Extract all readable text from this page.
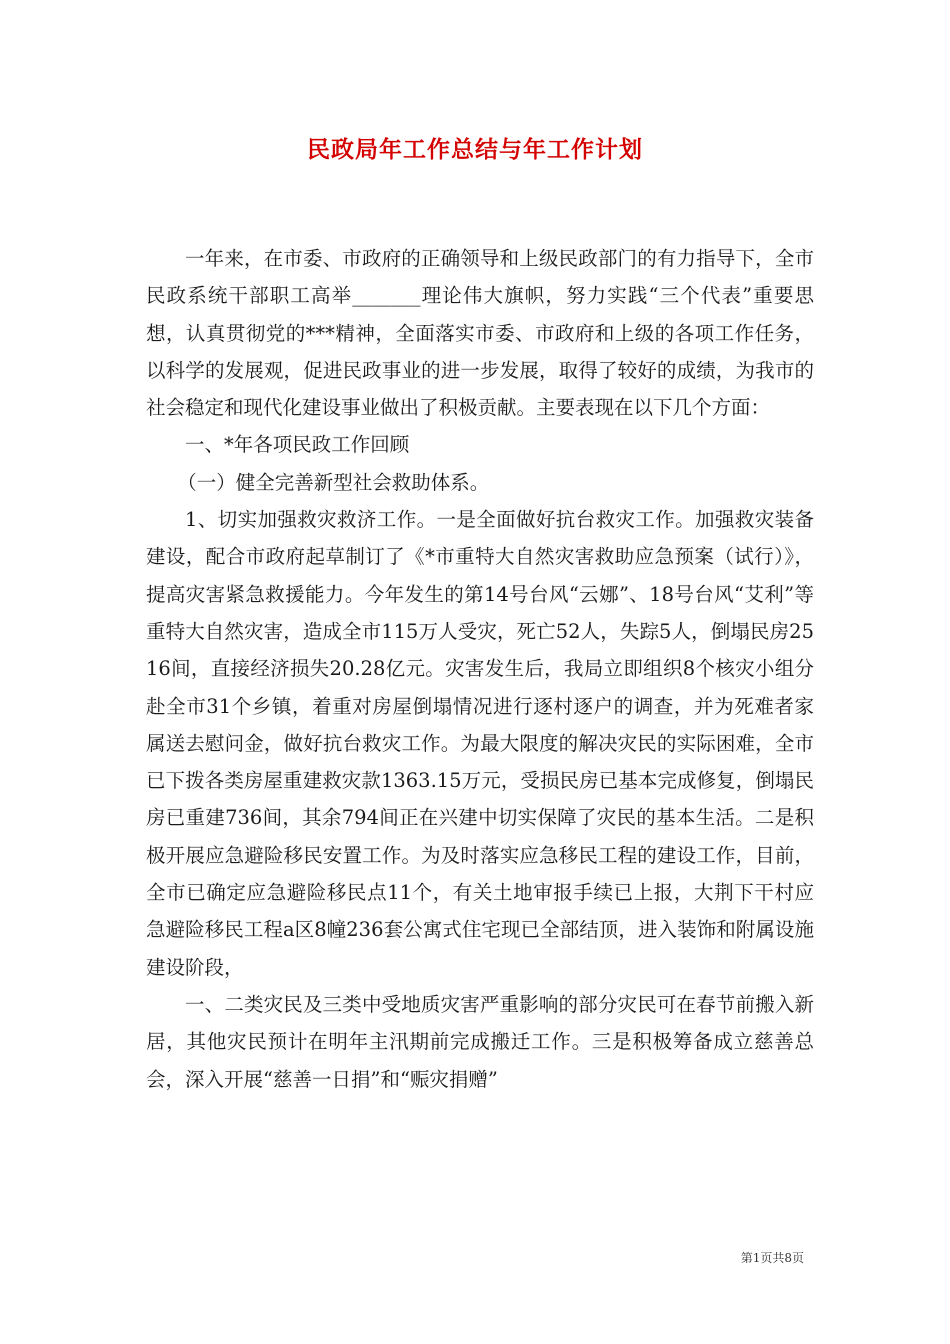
民政局年工作总结与年工作计划

一年来，在市委、市政府的正确领导和上级民政部门的有力指导下，全市民政系统干部职工高举_______理论伟大旗帜，努力实践“三个代表”重要思想，认真贯彻党的***精神，全面落实市委、市政府和上级的各项工作任务，以科学的发展观，促进民政事业的进一步发展，取得了较好的成绩，为我市的社会稳定和现代化建设事业做出了积极贡献。主要表现在以下几个方面：

一、*年各项民政工作回顾

（一）健全完善新型社会救助体系。

1、切实加强救灾救济工作。一是全面做好抗台救灾工作。加强救灾装备建设，配合市政府起草制订了《*市重特大自然灾害救助应急预案（试行）》，提高灾害紧急救援能力。今年发生的第14号台风“云娜”、18号台风“艾利”等重特大自然灾害，造成全市115万人受灾，死亡52人，失踪5人，倒塌民房2516间，直接经济损失20.28亿元。灾害发生后，我局立即组织8个核灾小组分赴全市31个乡镇，着重对房屋倒塌情况进行逐村逐户的调查，并为死难者家属送去慰问金，做好抗台救灾工作。为最大限度的解决灾民的实际困难，全市已下拨各类房屋重建救灾款1363.15万元，受损民房已基本完成修复，倒塌民房已重建736间，其余794间正在兴建中切实保障了灾民的基本生活。二是积极开展应急避险移民安置工作。为及时落实应急移民工程的建设工作，目前，全市已确定应急避险移民点11个，有关土地审报手续已上报，大荆下干村应急避险移民工程a区8幢236套公寓式住宅现已全部结顶，进入装饰和附属设施建设阶段，

一、二类灾民及三类中受地质灾害严重影响的部分灾民可在春节前搬入新居，其他灾民预计在明年主汛期前完成搬迁工作。三是积极筹备成立慈善总会，深入开展“慈善一日捐”和“赈灾捐赠”

第1页共8页
